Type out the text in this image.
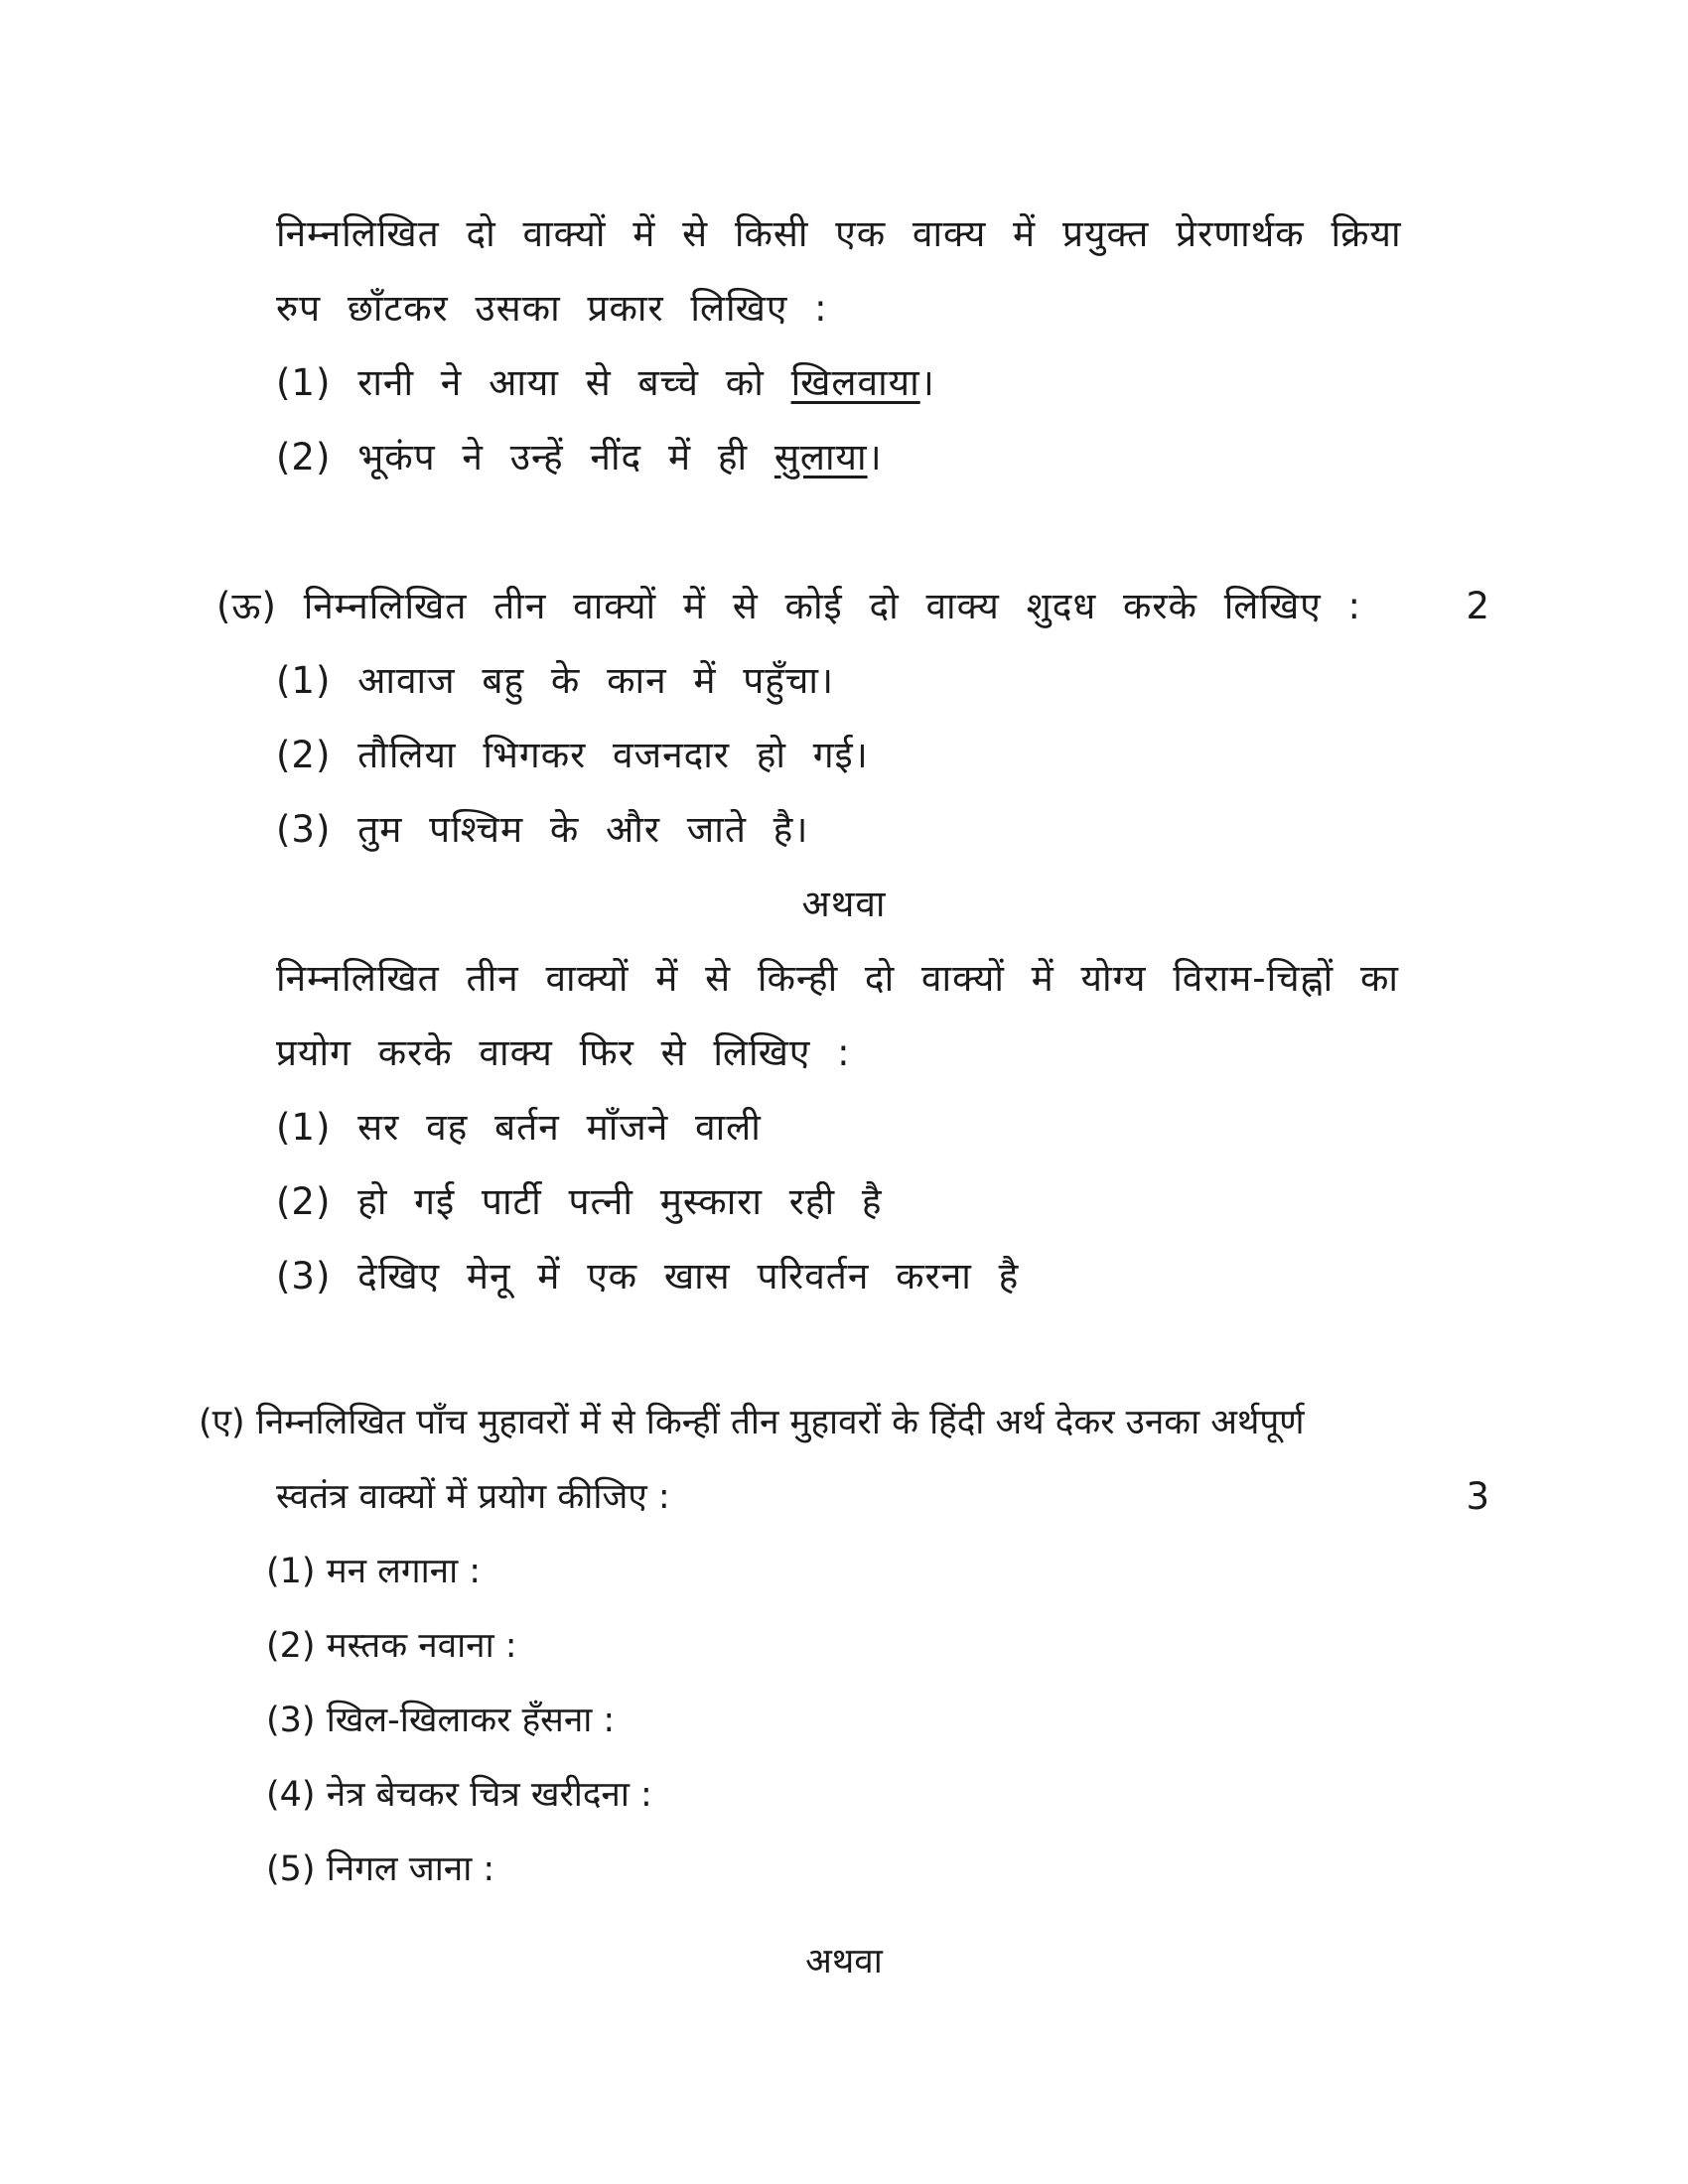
निम्नलिखित दो वाक्यों में से किसी एक वाक्य में प्रयुक्त प्रेरणार्थक क्रिया
रुप छाँटकर उसका प्रकार लिखिए :
(1) रानी ने आया से बच्चे को खिलवाया।
(2) भूकंप ने उन्हें नींद में ही सुलाया।
(ऊ) निम्नलिखित तीन वाक्यों में से कोई दो वाक्य शुदध करके लिखिए :	2
(1) आवाज बहु के कान में पहुँचा।
(2) तौलिया भिगकर वजनदार हो गई।
(3) तुम पश्चिम के और जाते है।
अथवा
निम्नलिखित तीन वाक्यों में से किन्ही दो वाक्यों में योग्य विराम-चिह्नों का
प्रयोग करके वाक्य फिर से लिखिए :
(1) सर वह बर्तन माँजने वाली
(2) हो गई पार्टी पत्नी मुस्कारा रही है
(3) देखिए मेनू में एक खास परिवर्तन करना है
(ए) निम्नलिखित पाँच मुहावरों में से किन्हीं तीन मुहावरों के हिंदी अर्थ देकर उनका अर्थपूर्ण
स्वतंत्र वाक्यों में प्रयोग कीजिए :	3
(1) मन लगाना :
(2) मस्तक नवाना :
(3) खिल-खिलाकर हँसना :
(4) नेत्र बेचकर चित्र खरीदना :
(5) निगल जाना :
अथवा
